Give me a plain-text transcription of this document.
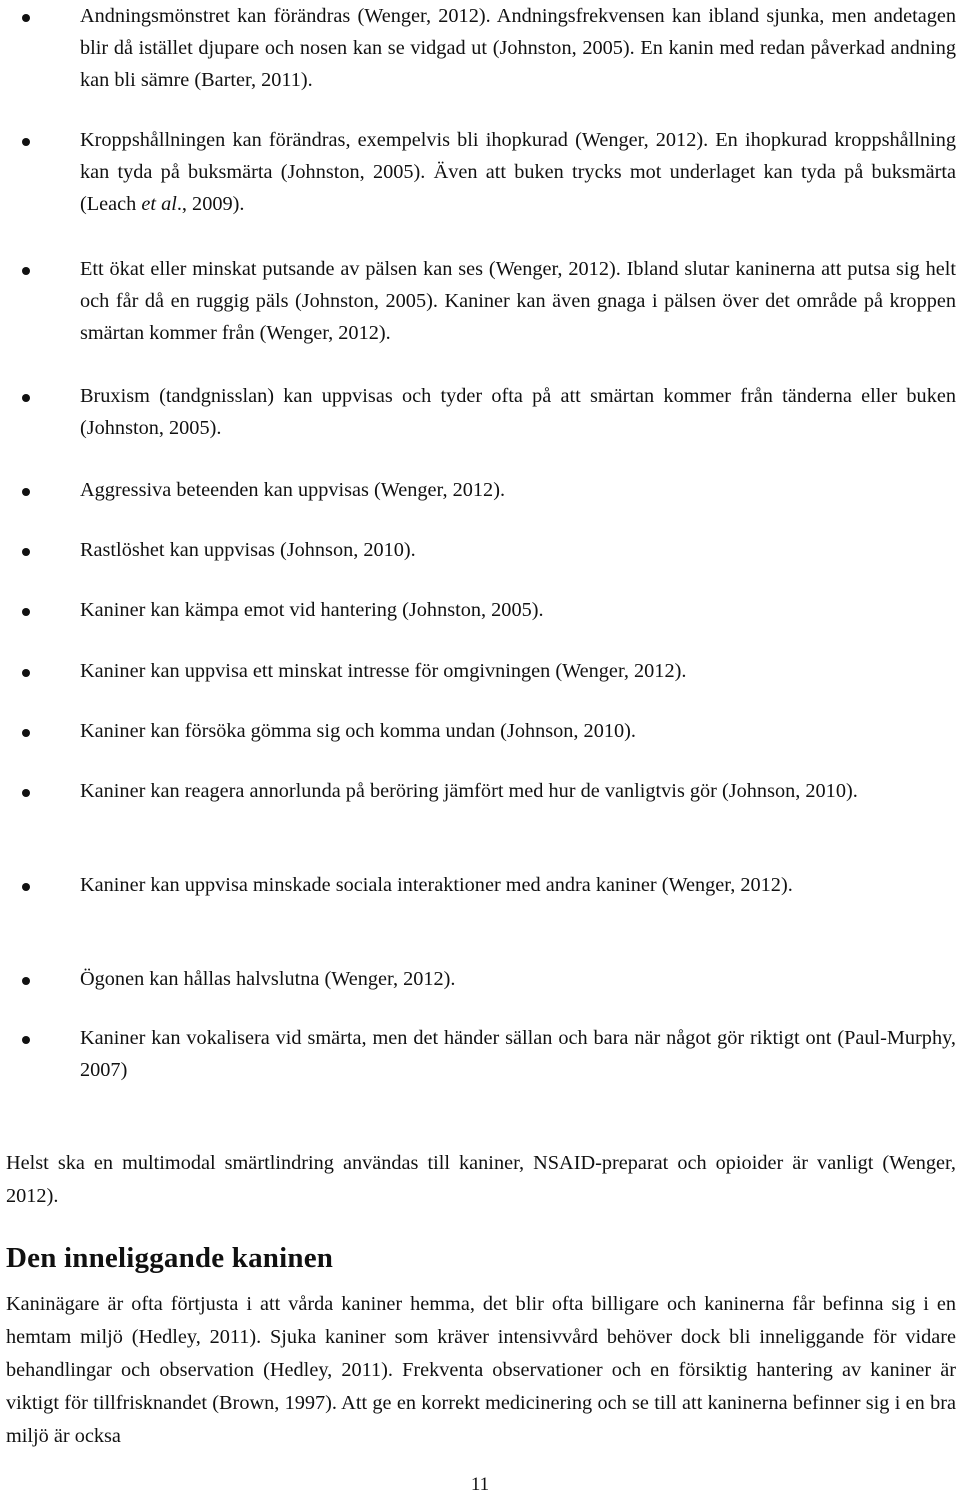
Andningsmönstret kan förändras (Wenger, 2012). Andningsfrekvensen kan ibland sjunka, men andetagen blir då istället djupare och nosen kan se vidgad ut (Johnston, 2005). En kanin med redan påverkad andning kan bli sämre (Barter, 2011).
Kroppshållningen kan förändras, exempelvis bli ihopkurad (Wenger, 2012). En ihopkurad kroppshållning kan tyda på buksmärta (Johnston, 2005). Även att buken trycks mot underlaget kan tyda på buksmärta (Leach et al., 2009).
Ett ökat eller minskat putsande av pälsen kan ses (Wenger, 2012). Ibland slutar kaninerna att putsa sig helt och får då en ruggig päls (Johnston, 2005). Kaniner kan även gnaga i pälsen över det område på kroppen smärtan kommer från (Wenger, 2012).
Bruxism (tandgnisslan) kan uppvisas och tyder ofta på att smärtan kommer från tänderna eller buken (Johnston, 2005).
Aggressiva beteenden kan uppvisas (Wenger, 2012).
Rastlöshet kan uppvisas (Johnson, 2010).
Kaniner kan kämpa emot vid hantering (Johnston, 2005).
Kaniner kan uppvisa ett minskat intresse för omgivningen (Wenger, 2012).
Kaniner kan försöka gömma sig och komma undan (Johnson, 2010).
Kaniner kan reagera annorlunda på beröring jämfört med hur de vanligtvis gör (Johnson, 2010).
Kaniner kan uppvisa minskade sociala interaktioner med andra kaniner (Wenger, 2012).
Ögonen kan hållas halvslutna (Wenger, 2012).
Kaniner kan vokalisera vid smärta, men det händer sällan och bara när något gör riktigt ont (Paul-Murphy, 2007)

Helst ska en multimodal smärtlindring användas till kaniner, NSAID-preparat och opioider är vanligt (Wenger, 2012).

Den inneliggande kaninen

Kaninägare är ofta förtjusta i att vårda kaniner hemma, det blir ofta billigare och kaninerna får befinna sig i en hemtam miljö (Hedley, 2011). Sjuka kaniner som kräver intensivvård behöver dock bli inneliggande för vidare behandlingar och observation (Hedley, 2011). Frekventa observationer och en försiktig hantering av kaniner är viktigt för tillfrisknandet (Brown, 1997). Att ge en korrekt medicinering och se till att kaninerna befinner sig i en bra miljö är ocksa

11
